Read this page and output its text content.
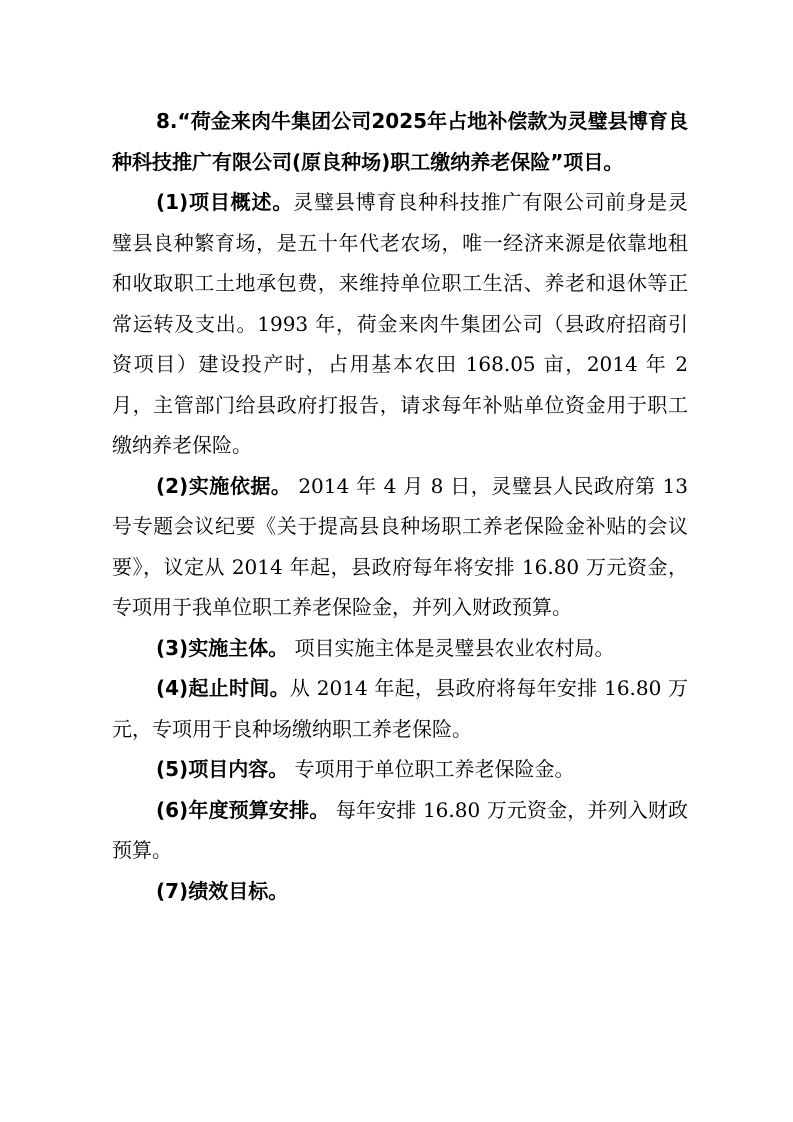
8.“荷金来肉牛集团公司2025年占地补偿款为灵璧县博育良种科技推广有限公司(原良种场)职工缴纳养老保险”项目。

(1)项目概述。灵璧县博育良种科技推广有限公司前身是灵璧县良种繁育场，是五十年代老农场，唯一经济来源是依靠地租和收取职工土地承包费，来维持单位职工生活、养老和退休等正常运转及支出。1993 年，荷金来肉牛集团公司（县政府招商引资项目）建设投产时，占用基本农田 168.05 亩，2014 年 2 月，主管部门给县政府打报告，请求每年补贴单位资金用于职工缴纳养老保险。

(2)实施依据。 2014 年 4 月 8 日，灵璧县人民政府第 13 号专题会议纪要《关于提高县良种场职工养老保险金补贴的会议要》，议定从 2014 年起，县政府每年将安排 16.80 万元资金，专项用于我单位职工养老保险金，并列入财政预算。

(3)实施主体。 项目实施主体是灵璧县农业农村局。

(4)起止时间。从 2014 年起，县政府将每年安排 16.80 万元，专项用于良种场缴纳职工养老保险。

(5)项目内容。 专项用于单位职工养老保险金。

(6)年度预算安排。 每年安排 16.80 万元资金，并列入财政预算。

(7)绩效目标。
